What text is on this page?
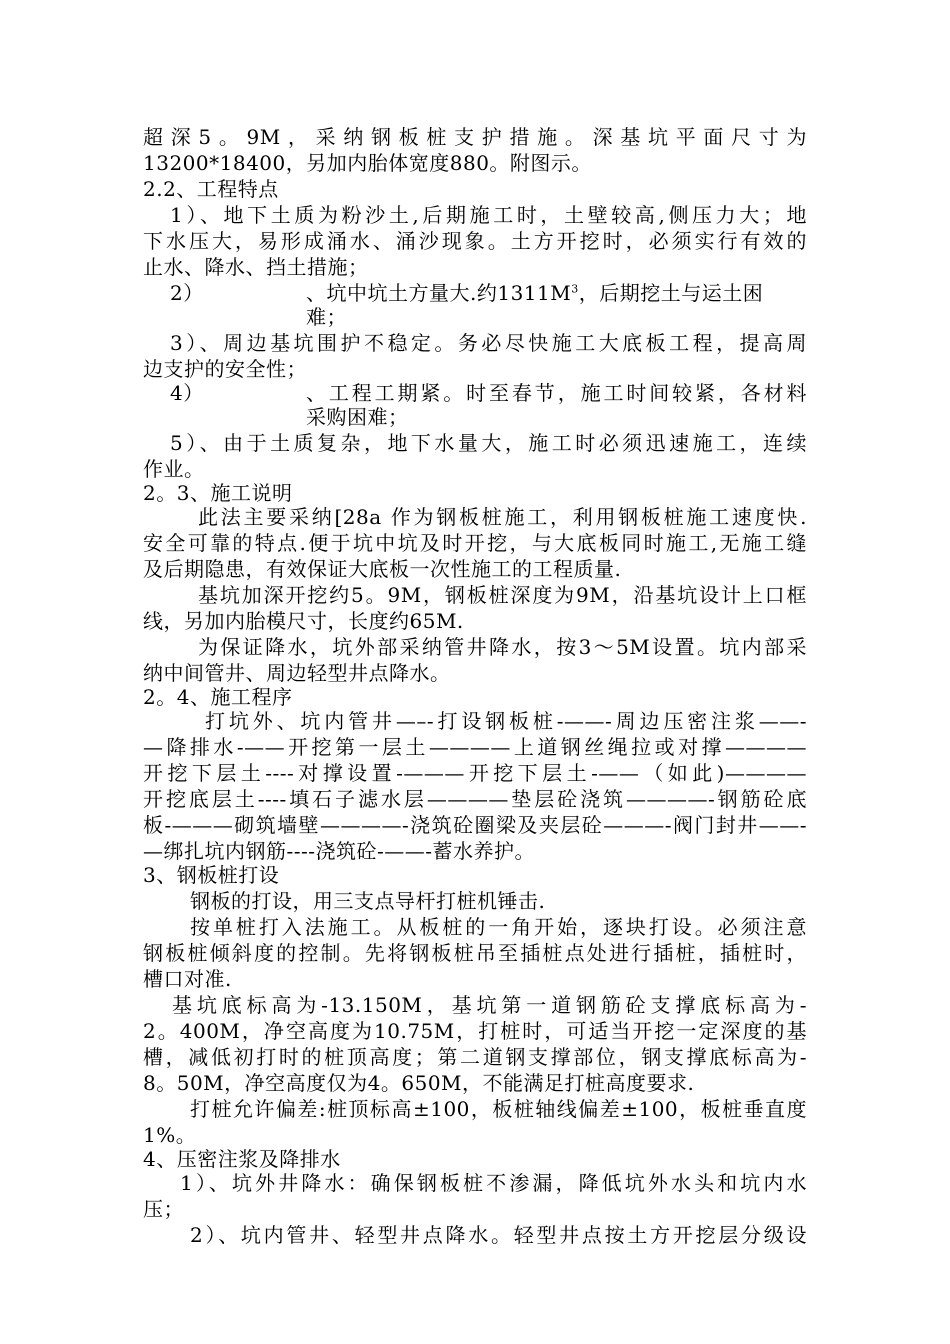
超深5。9M，采纳钢板桩支护措施。深基坑平面尺寸为
13200*18400，另加内胎体宽度880。附图示。
2.2、工程特点
1）、地下土质为粉沙土,后期施工时，土壁较高,侧压力大；地
下水压大，易形成涌水、涌沙现象。土方开挖时，必须实行有效的
止水、降水、挡土措施；
2）	、坑中坑土方量大.约$1311M^3$，后期挖土与运土困
难；
3）、周边基坑围护不稳定。务必尽快施工大底板工程，提高周
边支护的安全性；
4）	、工程工期紧。时至春节，施工时间较紧，各材料
采购困难；
5）、由于土质复杂，地下水量大，施工时必须迅速施工，连续
作业。
2。3、施工说明
此法主要采纳[28a 作为钢板桩施工，利用钢板桩施工速度快.
安全可靠的特点.便于坑中坑及时开挖，与大底板同时施工,无施工缝
及后期隐患，有效保证大底板一次性施工的工程质量.
基坑加深开挖约5。9M，钢板桩深度为9M，沿基坑设计上口框
线，另加内胎模尺寸，长度约65M.
为保证降水，坑外部采纳管井降水，按3～5M设置。坑内部采
纳中间管井、周边轻型井点降水。
2。4、施工程序
打坑外、坑内管井—–-打设钢板桩-——-周边压密注浆——-
—降排水-——开挖第一层土————上道钢丝绳拉或对撑————
开挖下层土----对撑设置-———开挖下层土-——（如此)————
开挖底层土----填石子滤水层————垫层砼浇筑————-钢筋砼底
板-———砌筑墙壁————-浇筑砼圈梁及夹层砼———-阀门封井——-
—绑扎坑内钢筋----浇筑砼-——-蓄水养护。
3、钢板桩打设
钢板的打设，用三支点导杆打桩机锤击.
按单桩打入法施工。从板桩的一角开始，逐块打设。必须注意
钢板桩倾斜度的控制。先将钢板桩吊至插桩点处进行插桩，插桩时，
槽口对准.
基坑底标高为-13.150M，基坑第一道钢筋砼支撑底标高为-
2。400M，净空高度为10.75M，打桩时，可适当开挖一定深度的基
槽，减低初打时的桩顶高度；第二道钢支撑部位，钢支撑底标高为-
8。50M，净空高度仅为4。650M，不能满足打桩高度要求.
打桩允许偏差:桩顶标高±100，板桩轴线偏差±100，板桩垂直度
1%。
4、压密注浆及降排水
1）、坑外井降水：确保钢板桩不渗漏，降低坑外水头和坑内水
压；
2）、坑内管井、轻型井点降水。轻型井点按土方开挖层分级设
